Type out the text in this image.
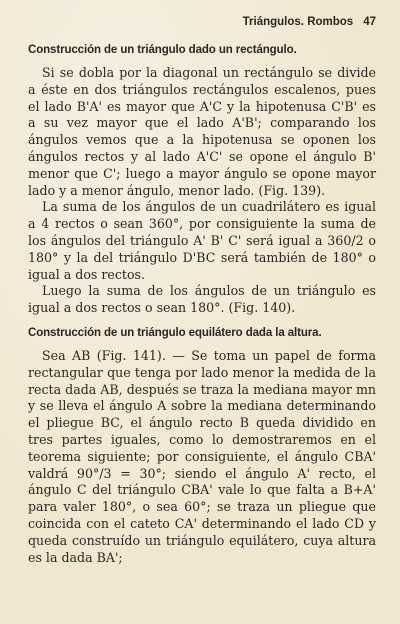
Triángulos. Rombos 47
Construcción de un triángulo dado un rectángulo.

Si se dobla por la diagonal un rectángulo se divide a éste en dos triángulos rectángulos escalenos, pues el lado B'A' es mayor que A'C y la hipotenusa C'B' es a su vez mayor que el lado A'B'; comparando los ángulos vemos que a la hipotenusa se oponen los ángulos rectos y al lado A'C' se opone el ángulo B' menor que C'; luego a mayor ángulo se opone mayor lado y a menor ángulo, menor lado. (Fig. 139).

La suma de los ángulos de un cuadrilátero es igual a 4 rectos o sean 360°, por consiguiente la suma de los ángulos del triángulo A' B' C' será igual a 360/2 o 180° y la del triángulo D'BC será también de 180° o igual a dos rectos.

Luego la suma de los ángulos de un triángulo es igual a dos rectos o sean 180°. (Fig. 140).

Construcción de un triángulo equilátero dada la altura.

Sea AB (Fig. 141). — Se toma un papel de forma rectangular que tenga por lado menor la medida de la recta dada AB, después se traza la mediana mayor mn y se lleva el ángulo A sobre la mediana determinando el pliegue BC, el ángulo recto B queda dividido en tres partes iguales, como lo demostraremos en el teorema siguiente; por consiguiente, el ángulo CBA' valdrá 90°/3 = 30°; siendo el ángulo A' recto, el ángulo C del triángulo CBA' vale lo que falta a B+A' para valer 180°, o sea 60°; se traza un pliegue que coincida con el cateto CA' determinando el lado CD y queda construído un triángulo equilátero, cuya altura es la dada BA';
